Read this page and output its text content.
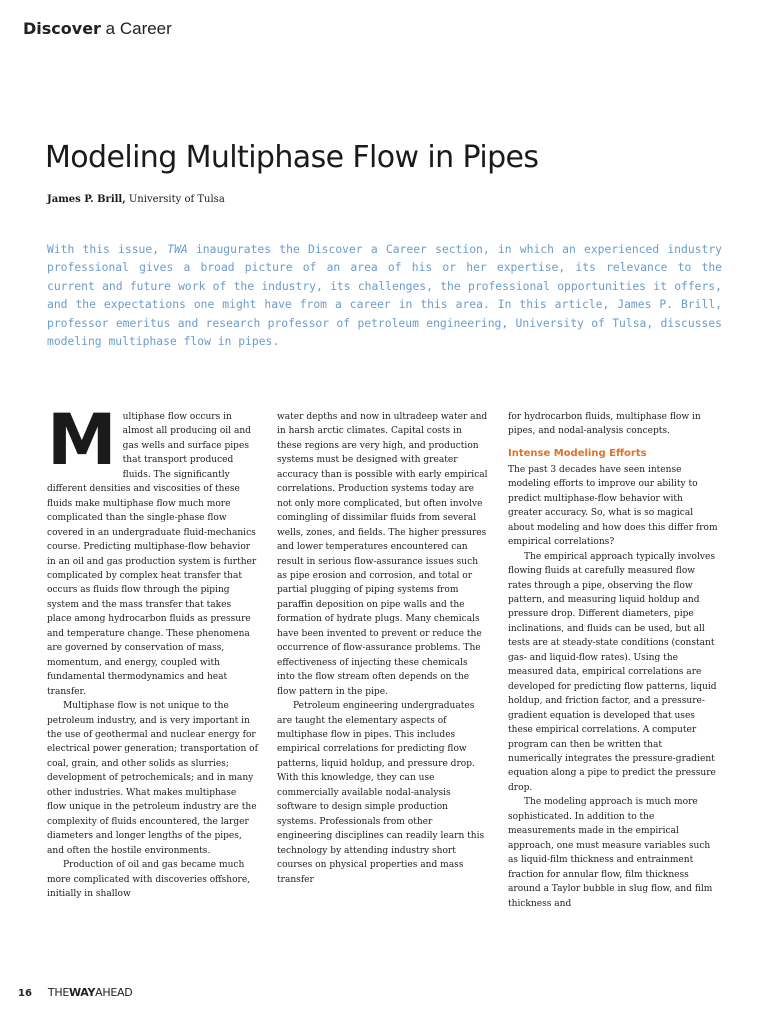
Discover a Career
Modeling Multiphase Flow in Pipes
James P. Brill, University of Tulsa

With this issue, TWA inaugurates the Discover a Career section, in which an experienced industry professional gives a broad picture of an area of his or her expertise, its relevance to the current and future work of the industry, its challenges, the professional opportunities it offers, and the expectations one might have from a career in this area. In this article, James P. Brill, professor emeritus and research professor of petroleum engineering, University of Tulsa, discusses modeling multiphase flow in pipes.

Multiphase flow occurs in almost all producing oil and gas wells and surface pipes that transport produced fluids. The significantly different densities and viscosities of these fluids make multiphase flow much more complicated than the single-phase flow covered in an undergraduate fluid-mechanics course. Predicting multiphase-flow behavior in an oil and gas production system is further complicated by complex heat transfer that occurs as fluids flow through the piping system and the mass transfer that takes place among hydrocarbon fluids as pressure and temperature change. These phenomena are governed by conservation of mass, momentum, and energy, coupled with fundamental thermodynamics and heat transfer.

Multiphase flow is not unique to the petroleum industry, and is very important in the use of geothermal and nuclear energy for electrical power generation; transportation of coal, grain, and other solids as slurries; development of petrochemicals; and in many other industries. What makes multiphase flow unique in the petroleum industry are the complexity of fluids encountered, the larger diameters and longer lengths of the pipes, and often the hostile environments.

Production of oil and gas became much more complicated with discoveries offshore, initially in shallow

water depths and now in ultradeep water and in harsh arctic climates. Capital costs in these regions are very high, and production systems must be designed with greater accuracy than is possible with early empirical correlations. Production systems today are not only more complicated, but often involve comingling of dissimilar fluids from several wells, zones, and fields. The higher pressures and lower temperatures encountered can result in serious flow-assurance issues such as pipe erosion and corrosion, and total or partial plugging of piping systems from paraffin deposition on pipe walls and the formation of hydrate plugs. Many chemicals have been invented to prevent or reduce the occurrence of flow-assurance problems. The effectiveness of injecting these chemicals into the flow stream often depends on the flow pattern in the pipe.

Petroleum engineering undergraduates are taught the elementary aspects of multiphase flow in pipes. This includes empirical correlations for predicting flow patterns, liquid holdup, and pressure drop. With this knowledge, they can use commercially available nodal-analysis software to design simple production systems. Professionals from other engineering disciplines can readily learn this technology by attending industry short courses on physical properties and mass transfer

for hydrocarbon fluids, multiphase flow in pipes, and nodal-analysis concepts.

Intense Modeling Efforts

The past 3 decades have seen intense modeling efforts to improve our ability to predict multiphase-flow behavior with greater accuracy. So, what is so magical about modeling and how does this differ from empirical correlations?

The empirical approach typically involves flowing fluids at carefully measured flow rates through a pipe, observing the flow pattern, and measuring liquid holdup and pressure drop. Different diameters, pipe inclinations, and fluids can be used, but all tests are at steady-state conditions (constant gas- and liquid-flow rates). Using the measured data, empirical correlations are developed for predicting flow patterns, liquid holdup, and friction factor, and a pressure-gradient equation is developed that uses these empirical correlations. A computer program can then be written that numerically integrates the pressure-gradient equation along a pipe to predict the pressure drop.

The modeling approach is much more sophisticated. In addition to the measurements made in the empirical approach, one must measure variables such as liquid-film thickness and entrainment fraction for annular flow, film thickness around a Taylor bubble in slug flow, and film thickness and

16 THEWAYAHEAD
